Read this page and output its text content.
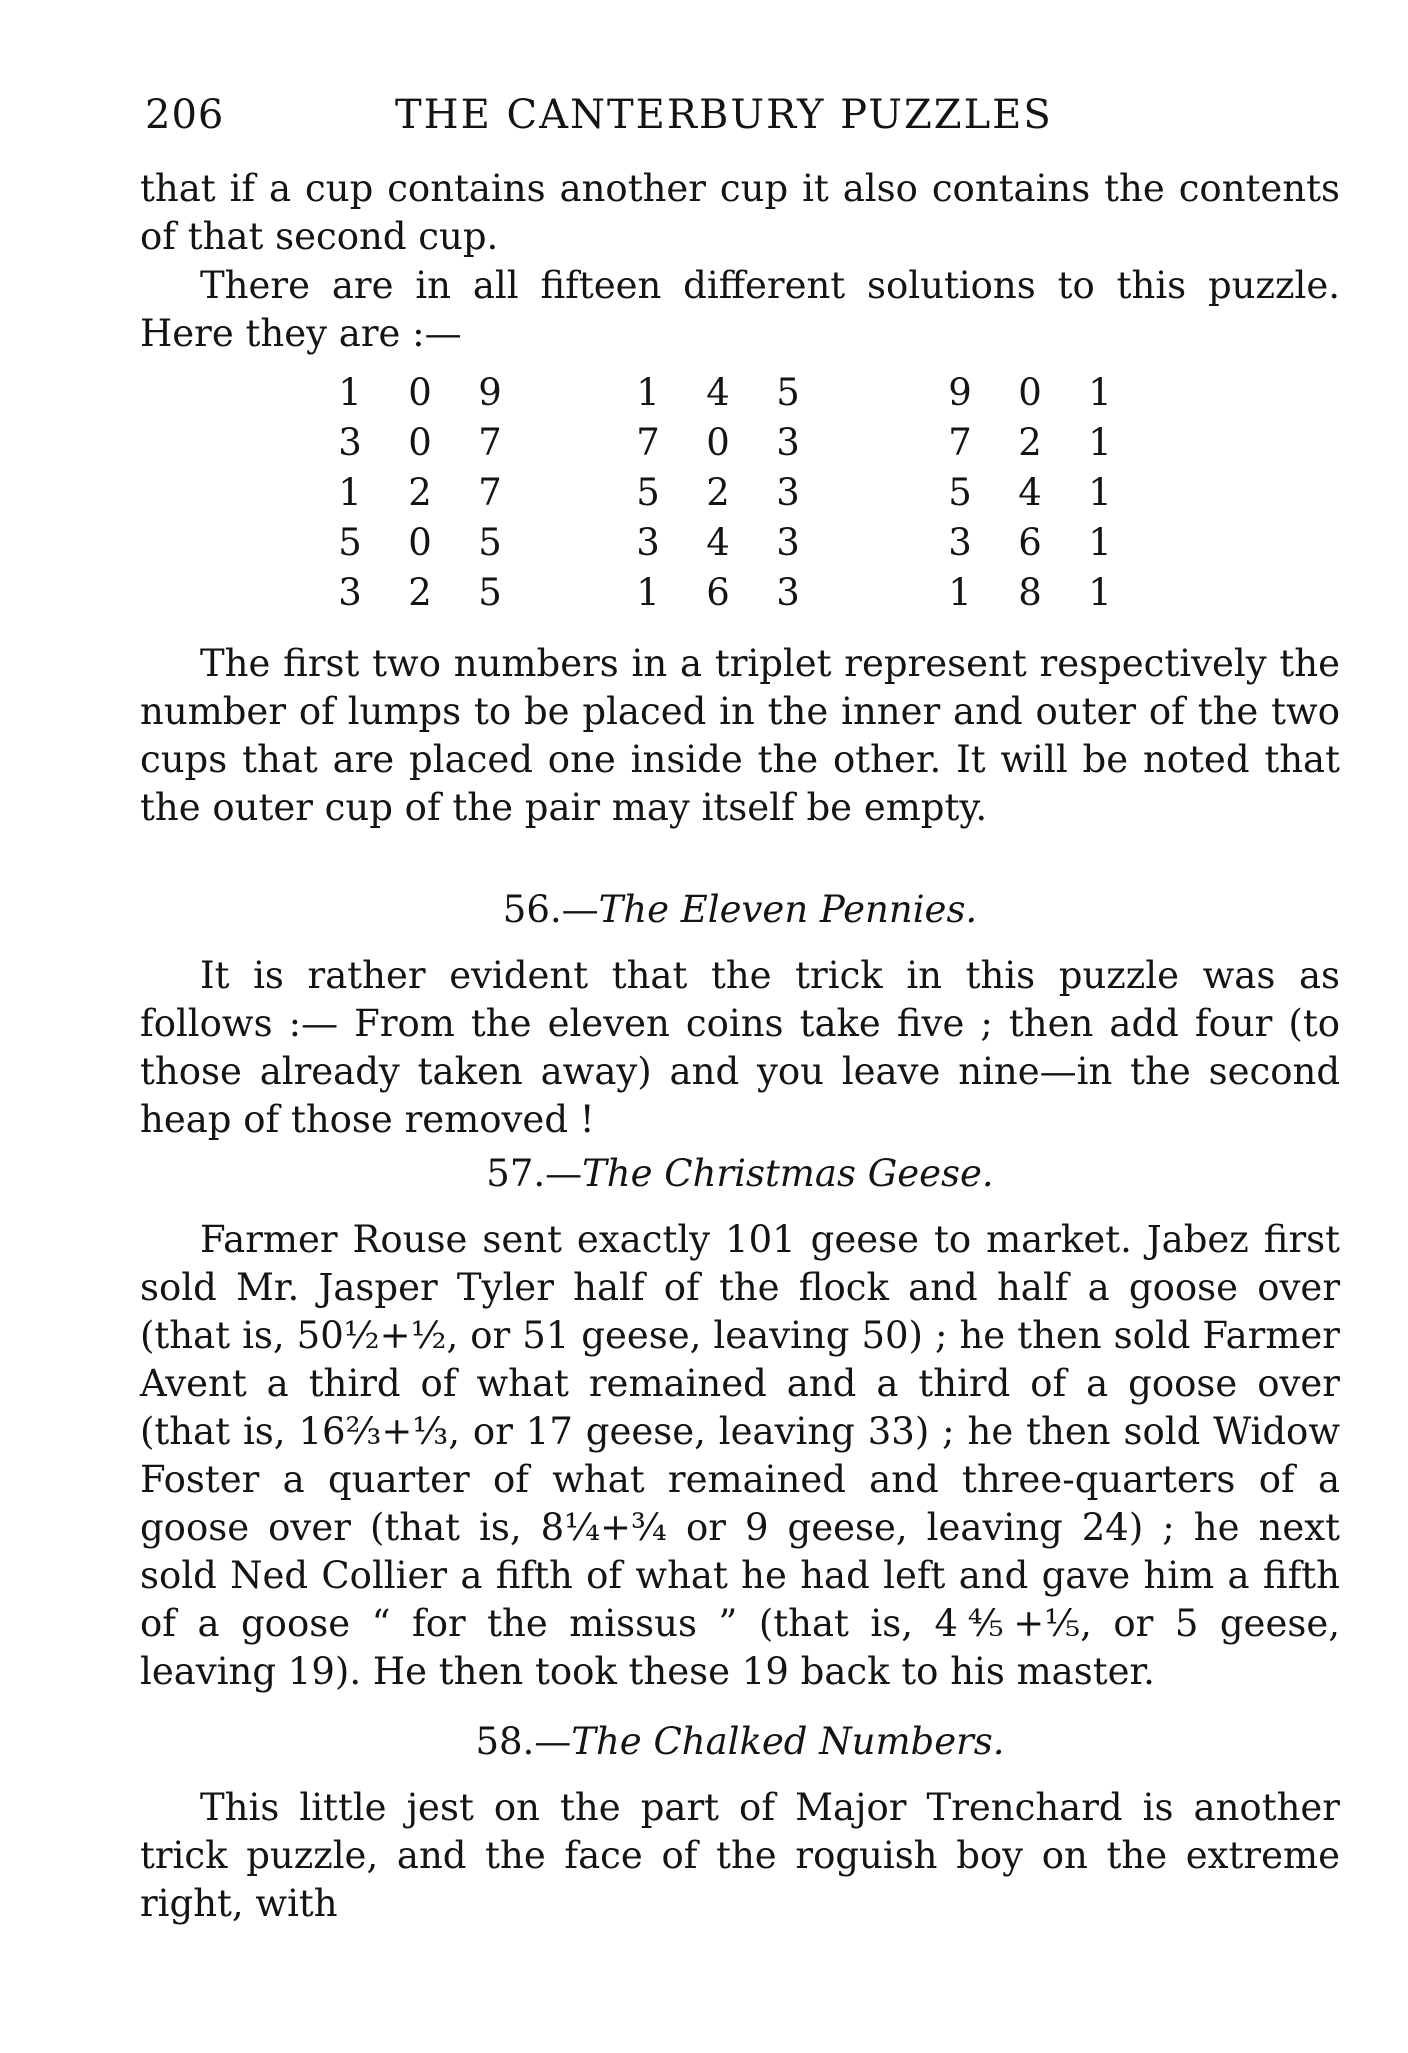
206	THE CANTERBURY PUZZLES

that if a cup contains another cup it also contains the contents of that second cup.

There are in all fifteen different solutions to this puzzle. Here they are :—

1 0 9
3 0 7
1 2 7
5 0 5
3 2 5
1 4 5
7 0 3
5 2 3
3 4 3
1 6 3
9 0 1
7 2 1
5 4 1
3 6 1
1 8 1

The first two numbers in a triplet represent respectively the number of lumps to be placed in the inner and outer of the two cups that are placed one inside the other. It will be noted that the outer cup of the pair may itself be empty.

56.—The Eleven Pennies.

It is rather evident that the trick in this puzzle was as follows :— From the eleven coins take five ; then add four (to those already taken away) and you leave nine—in the second heap of those removed !

57.—The Christmas Geese.

Farmer Rouse sent exactly 101 geese to market. Jabez first sold Mr. Jasper Tyler half of the flock and half a goose over (that is, 50½+½, or 51 geese, leaving 50) ; he then sold Farmer Avent a third of what remained and a third of a goose over (that is, 16⅔+⅓, or 17 geese, leaving 33) ; he then sold Widow Foster a quarter of what remained and three-quarters of a goose over (that is, 8¼+¾ or 9 geese, leaving 24) ; he next sold Ned Collier a fifth of what he had left and gave him a fifth of a goose “ for the missus ” (that is, 4⅘+⅕, or 5 geese, leaving 19). He then took these 19 back to his master.

58.—The Chalked Numbers.

This little jest on the part of Major Trenchard is another trick puzzle, and the face of the roguish boy on the extreme right, with
